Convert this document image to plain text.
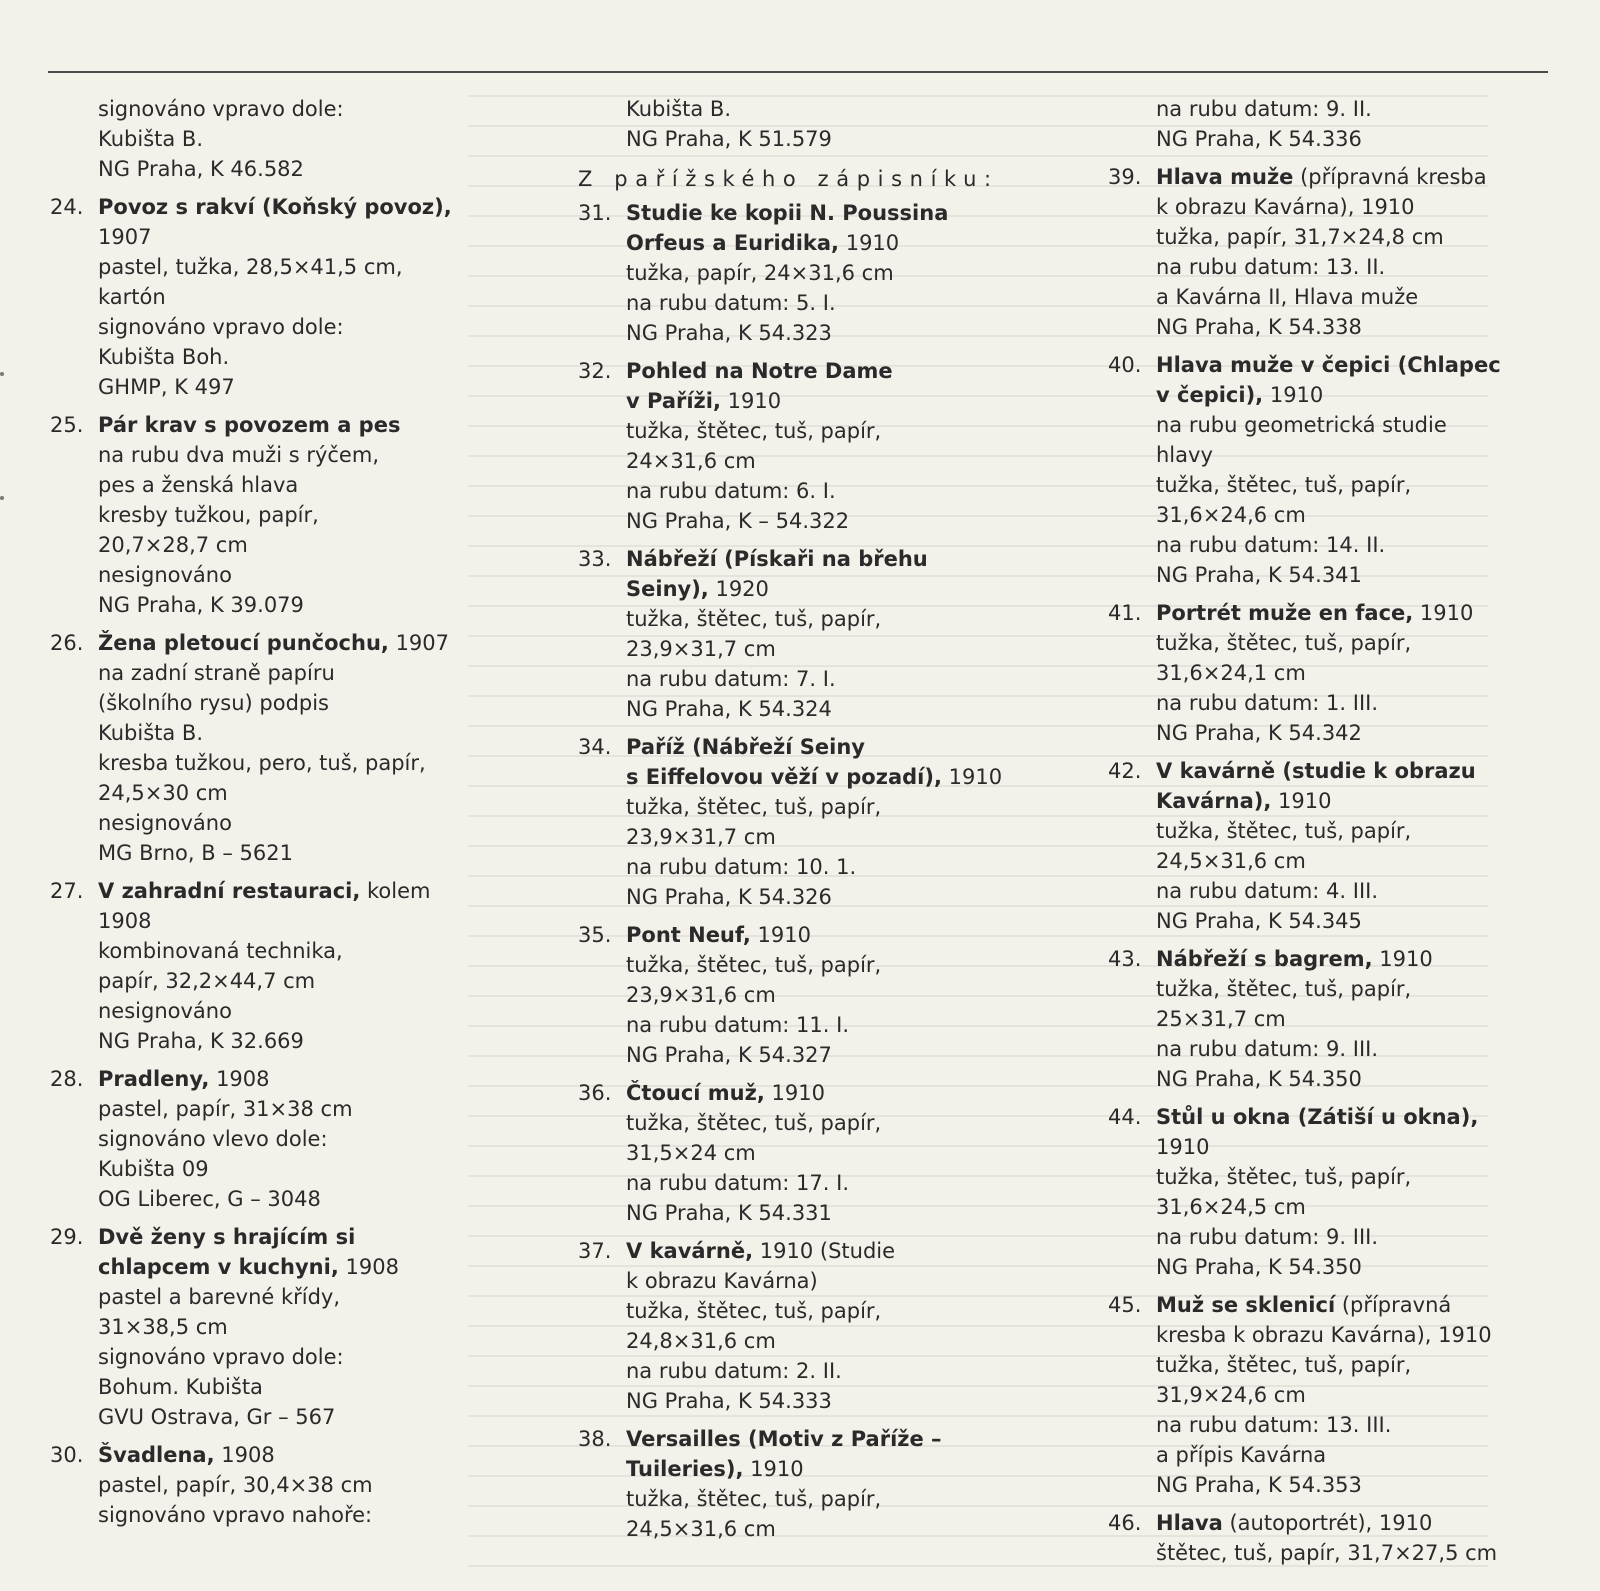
signováno vpravo dole:
Kubišta B.
NG Praha, K 46.582
24. Povoz s rakví (Koňský povoz),
1907
pastel, tužka, 28,5×41,5 cm,
kartón
signováno vpravo dole:
Kubišta Boh.
GHMP, K 497
25. Pár krav s povozem a pes
na rubu dva muži s rýčem,
pes a ženská hlava
kresby tužkou, papír,
20,7×28,7 cm
nesignováno
NG Praha, K 39.079
26. Žena pletoucí punčochu, 1907
na zadní straně papíru
(školního rysu) podpis
Kubišta B.
kresba tužkou, pero, tuš, papír,
24,5×30 cm
nesignováno
MG Brno, B – 5621
27. V zahradní restauraci, kolem
1908
kombinovaná technika,
papír, 32,2×44,7 cm
nesignováno
NG Praha, K 32.669
28. Pradleny, 1908
pastel, papír, 31×38 cm
signováno vlevo dole:
Kubišta 09
OG Liberec, G – 3048
29. Dvě ženy s hrajícím si
chlapcem v kuchyni, 1908
pastel a barevné křídy,
31×38,5 cm
signováno vpravo dole:
Bohum. Kubišta
GVU Ostrava, Gr – 567
30. Švadlena, 1908
pastel, papír, 30,4×38 cm
signováno vpravo nahoře:
Kubišta B.
NG Praha, K 51.579
Z pařížského zápisníku:
31. Studie ke kopii N. Poussina
Orfeus a Euridika, 1910
tužka, papír, 24×31,6 cm
na rubu datum: 5. I.
NG Praha, K 54.323
32. Pohled na Notre Dame
v Paříži, 1910
tužka, štětec, tuš, papír,
24×31,6 cm
na rubu datum: 6. I.
NG Praha, K – 54.322
33. Nábřeží (Pískaři na břehu
Seiny), 1920
tužka, štětec, tuš, papír,
23,9×31,7 cm
na rubu datum: 7. I.
NG Praha, K 54.324
34. Paříž (Nábřeží Seiny
s Eiffelovou věží v pozadí), 1910
tužka, štětec, tuš, papír,
23,9×31,7 cm
na rubu datum: 10. 1.
NG Praha, K 54.326
35. Pont Neuf, 1910
tužka, štětec, tuš, papír,
23,9×31,6 cm
na rubu datum: 11. I.
NG Praha, K 54.327
36. Čtoucí muž, 1910
tužka, štětec, tuš, papír,
31,5×24 cm
na rubu datum: 17. I.
NG Praha, K 54.331
37. V kavárně, 1910 (Studie
k obrazu Kavárna)
tužka, štětec, tuš, papír,
24,8×31,6 cm
na rubu datum: 2. II.
NG Praha, K 54.333
38. Versailles (Motiv z Paříže –
Tuileries), 1910
tužka, štětec, tuš, papír,
24,5×31,6 cm
na rubu datum: 9. II.
NG Praha, K 54.336
39. Hlava muže (přípravná kresba
k obrazu Kavárna), 1910
tužka, papír, 31,7×24,8 cm
na rubu datum: 13. II.
a Kavárna II, Hlava muže
NG Praha, K 54.338
40. Hlava muže v čepici (Chlapec
v čepici), 1910
na rubu geometrická studie
hlavy
tužka, štětec, tuš, papír,
31,6×24,6 cm
na rubu datum: 14. II.
NG Praha, K 54.341
41. Portrét muže en face, 1910
tužka, štětec, tuš, papír,
31,6×24,1 cm
na rubu datum: 1. III.
NG Praha, K 54.342
42. V kavárně (studie k obrazu
Kavárna), 1910
tužka, štětec, tuš, papír,
24,5×31,6 cm
na rubu datum: 4. III.
NG Praha, K 54.345
43. Nábřeží s bagrem, 1910
tužka, štětec, tuš, papír,
25×31,7 cm
na rubu datum: 9. III.
NG Praha, K 54.350
44. Stůl u okna (Zátiší u okna),
1910
tužka, štětec, tuš, papír,
31,6×24,5 cm
na rubu datum: 9. III.
NG Praha, K 54.350
45. Muž se sklenicí (přípravná
kresba k obrazu Kavárna), 1910
tužka, štětec, tuš, papír,
31,9×24,6 cm
na rubu datum: 13. III.
a přípis Kavárna
NG Praha, K 54.353
46. Hlava (autoportrét), 1910
štětec, tuš, papír, 31,7×27,5 cm
